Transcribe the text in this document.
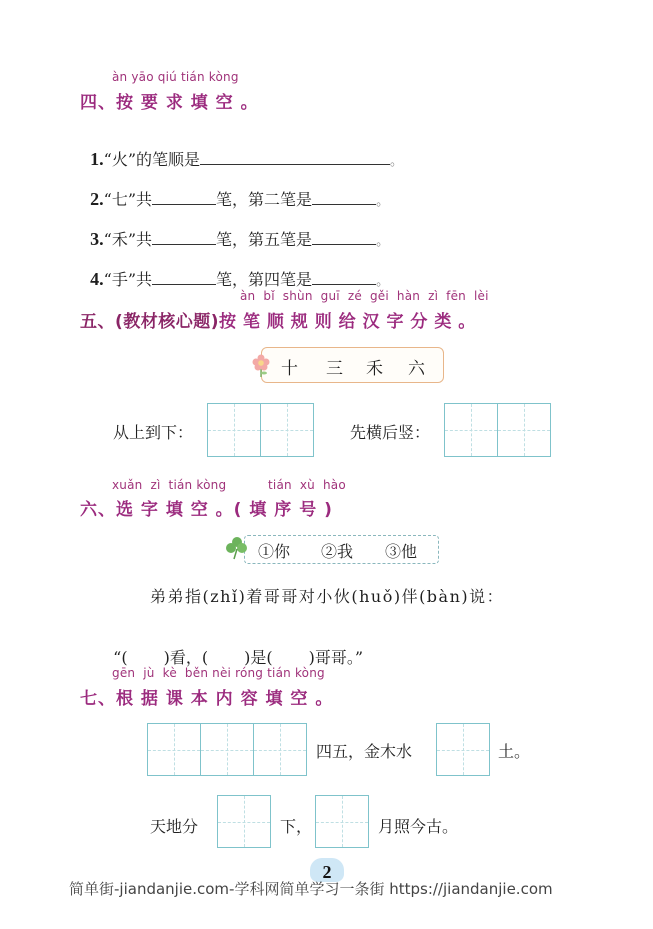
àn yāo qiú tián kòng
四、按 要 求 填 空 。

1.“火”的笔顺是	。

2.“七”共	笔，第二笔是	。

3.“禾”共	笔，第五笔是	。

4.“手”共	笔，第四笔是	。

àn  bǐ  shùn  guī  zé  gěi  hàn  zì  fēn  lèi
五、(教材核心题)按 笔 顺 规 则 给 汉 字 分 类 。
十 三 禾 六
从上到下：	先横后竖：
xuǎn  zì  tián kòng	tián  xù  hào
六、选 字 填 空 。( 填 序 号 )
①你 ②我 ③他
弟弟指(zhǐ)着哥哥对小伙(huǒ)伴(bàn)说：

“( )看，( )是( )哥哥。”

gēn  jù  kè  běn nèi róng tián kòng
七、根 据 课 本 内 容 填 空 。
四五，金木水	土。
天地分	下，	月照今古。
2
简单街-jiandanjie.com-学科网简单学习一条街 https://jiandanjie.com
